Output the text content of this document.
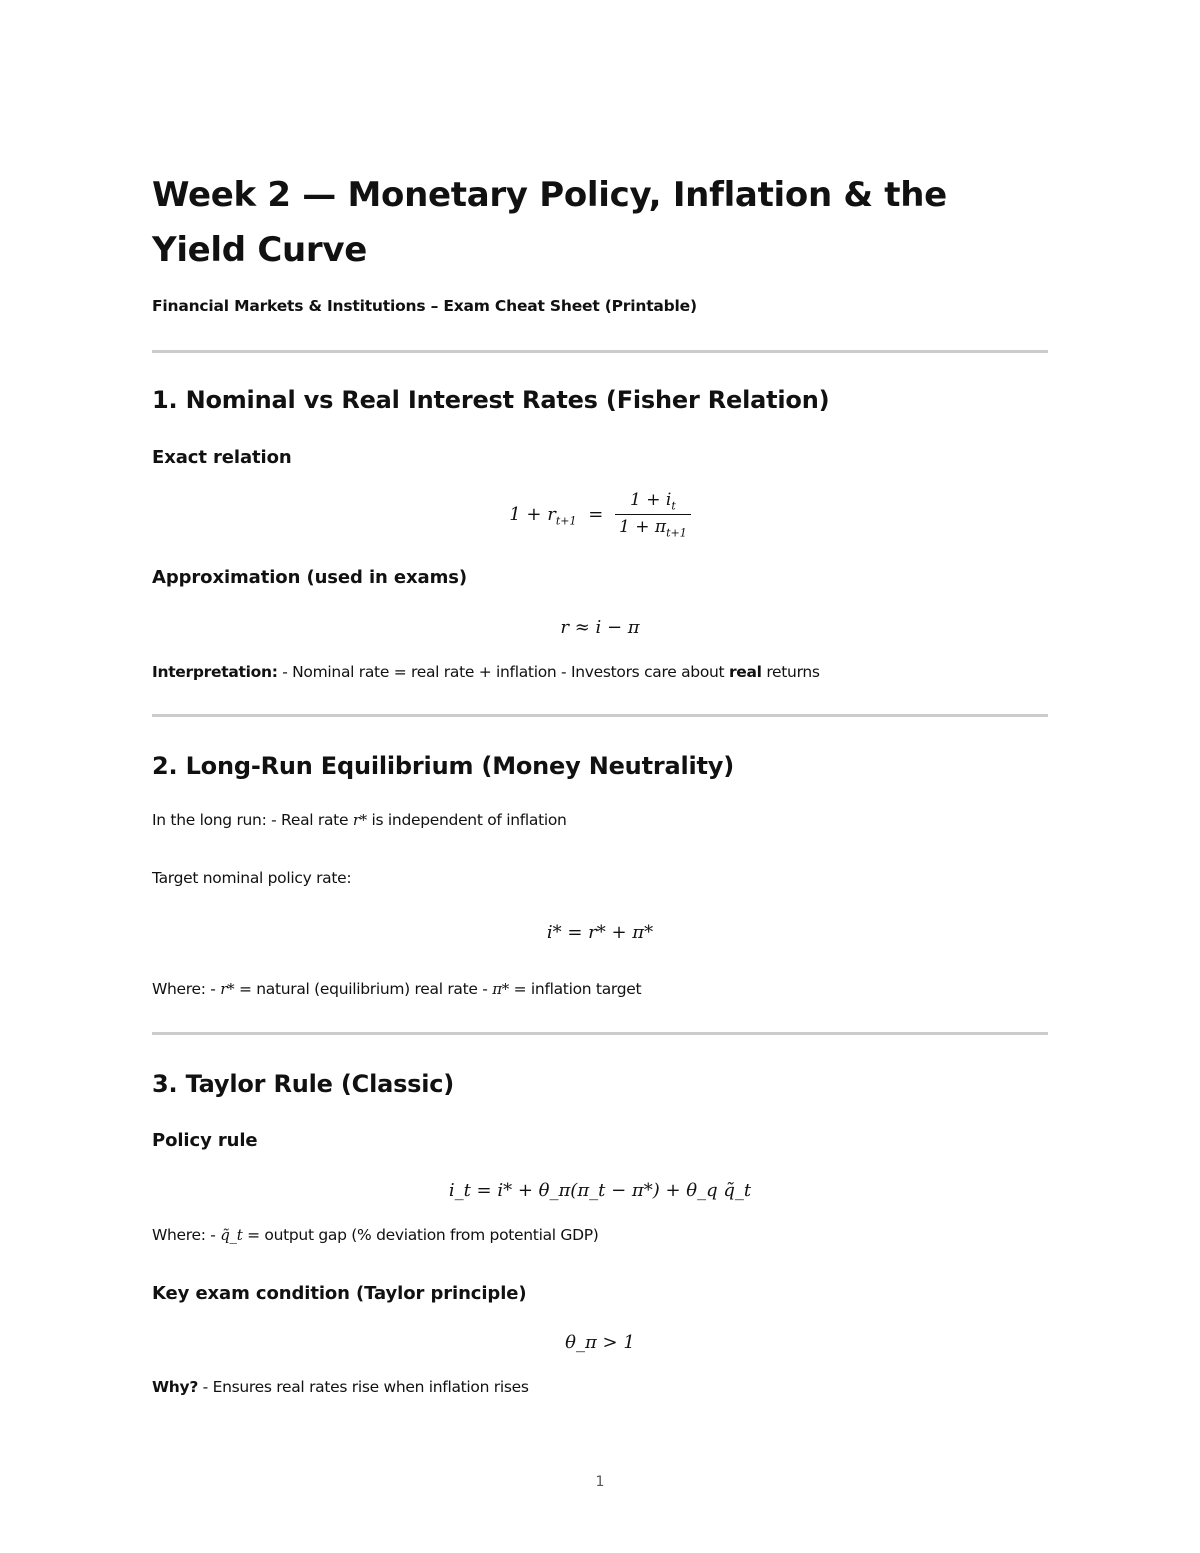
Week 2 — Monetary Policy, Inflation & the Yield Curve

Financial Markets & Institutions – Exam Cheat Sheet (Printable)

1. Nominal vs Real Interest Rates (Fisher Relation)
Exact relation
$1 + r_{t+1} = \frac{1 + i_t}{1 + \pi_{t+1}}$
Approximation (used in exams)
r ≈ i − π

Interpretation: - Nominal rate = real rate + inflation - Investors care about real returns

2. Long-Run Equilibrium (Money Neutrality)

In the long run: - Real rate r* is independent of inflation

Target nominal policy rate:

i* = r* + π*

Where: - r* = natural (equilibrium) real rate - π* = inflation target

3. Taylor Rule (Classic)
Policy rule
i_t = i* + θ_π(π_t − π*) + θ_q q̃_t

Where: - q̃_t = output gap (% deviation from potential GDP)

Key exam condition (Taylor principle)
θ_π > 1

Why? - Ensures real rates rise when inflation rises

1
